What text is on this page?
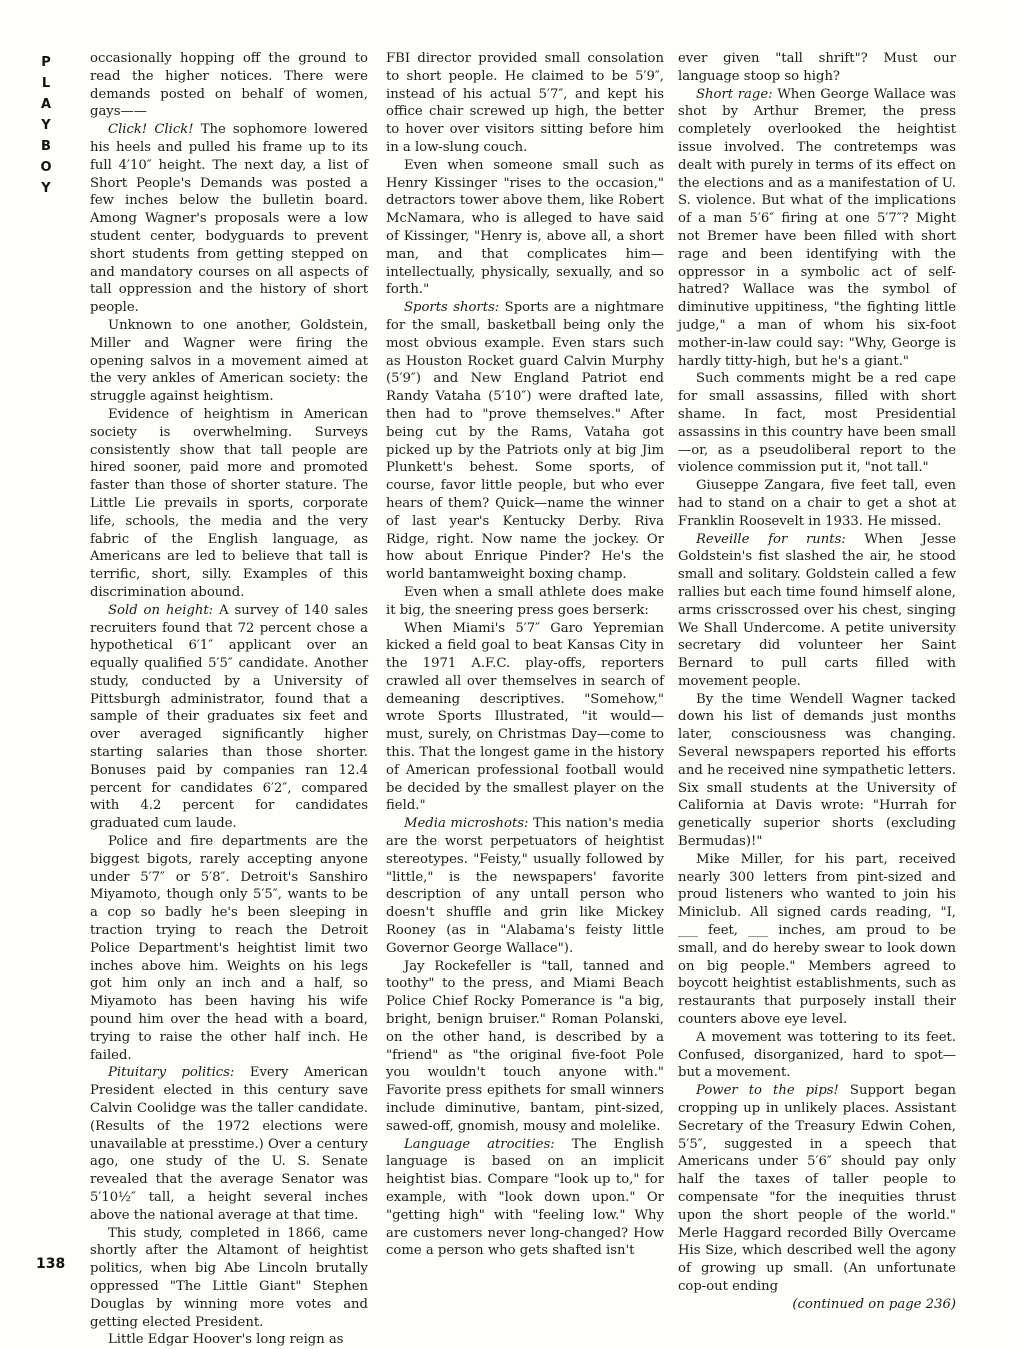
P
L
A
Y
B
O
Y
138

occasionally hopping off the ground to read the higher notices. There were demands posted on behalf of women, gays——

Click! Click! The sophomore lowered his heels and pulled his frame up to its full 4′10″ height. The next day, a list of Short People's Demands was posted a few inches below the bulletin board. Among Wagner's proposals were a low student center, bodyguards to prevent short students from getting stepped on and mandatory courses on all aspects of tall oppression and the history of short people.

Unknown to one another, Goldstein, Miller and Wagner were firing the opening salvos in a movement aimed at the very ankles of American society: the struggle against heightism.

Evidence of heightism in American society is overwhelming. Surveys consistently show that tall people are hired sooner, paid more and promoted faster than those of shorter stature. The Little Lie prevails in sports, corporate life, schools, the media and the very fabric of the English language, as Americans are led to believe that tall is terrific, short, silly. Examples of this discrimination abound.

Sold on height: A survey of 140 sales recruiters found that 72 percent chose a hypothetical 6′1″ applicant over an equally qualified 5′5″ candidate. Another study, conducted by a University of Pittsburgh administrator, found that a sample of their graduates six feet and over averaged significantly higher starting salaries than those shorter. Bonuses paid by companies ran 12.4 percent for candidates 6′2″, compared with 4.2 percent for candidates graduated cum laude.

Police and fire departments are the biggest bigots, rarely accepting anyone under 5′7″ or 5′8″. Detroit's Sanshiro Miyamoto, though only 5′5″, wants to be a cop so badly he's been sleeping in traction trying to reach the Detroit Police Department's heightist limit two inches above him. Weights on his legs got him only an inch and a half, so Miyamoto has been having his wife pound him over the head with a board, trying to raise the other half inch. He failed.

Pituitary politics: Every American President elected in this century save Calvin Coolidge was the taller candidate. (Results of the 1972 elections were unavailable at presstime.) Over a century ago, one study of the U. S. Senate revealed that the average Senator was 5′10½″ tall, a height several inches above the national average at that time.

This study, completed in 1866, came shortly after the Altamont of heightist politics, when big Abe Lincoln brutally oppressed "The Little Giant" Stephen Douglas by winning more votes and getting elected President.

Little Edgar Hoover's long reign as

FBI director provided small consolation to short people. He claimed to be 5′9″, instead of his actual 5′7″, and kept his office chair screwed up high, the better to hover over visitors sitting before him in a low-slung couch.

Even when someone small such as Henry Kissinger "rises to the occasion," detractors tower above them, like Robert McNamara, who is alleged to have said of Kissinger, "Henry is, above all, a short man, and that complicates him—intellectually, physically, sexually, and so forth."

Sports shorts: Sports are a nightmare for the small, basketball being only the most obvious example. Even stars such as Houston Rocket guard Calvin Murphy (5′9″) and New England Patriot end Randy Vataha (5′10″) were drafted late, then had to "prove themselves." After being cut by the Rams, Vataha got picked up by the Patriots only at big Jim Plunkett's behest. Some sports, of course, favor little people, but who ever hears of them? Quick—name the winner of last year's Kentucky Derby. Riva Ridge, right. Now name the jockey. Or how about Enrique Pinder? He's the world bantamweight boxing champ.

Even when a small athlete does make it big, the sneering press goes berserk:

When Miami's 5′7″ Garo Yepremian kicked a field goal to beat Kansas City in the 1971 A.F.C. play-offs, reporters crawled all over themselves in search of demeaning descriptives. "Somehow," wrote Sports Illustrated, "it would—must, surely, on Christmas Day—come to this. That the longest game in the history of American professional football would be decided by the smallest player on the field."

Media microshots: This nation's media are the worst perpetuators of heightist stereotypes. "Feisty," usually followed by "little," is the newspapers' favorite description of any untall person who doesn't shuffle and grin like Mickey Rooney (as in "Alabama's feisty little Governor George Wallace").

Jay Rockefeller is "tall, tanned and toothy" to the press, and Miami Beach Police Chief Rocky Pomerance is "a big, bright, benign bruiser." Roman Polanski, on the other hand, is described by a "friend" as "the original five-foot Pole you wouldn't touch anyone with." Favorite press epithets for small winners include diminutive, bantam, pint-sized, sawed-off, gnomish, mousy and molelike.

Language atrocities: The English language is based on an implicit heightist bias. Compare "look up to," for example, with "look down upon." Or "getting high" with "feeling low." Why are customers never long-changed? How come a person who gets shafted isn't

ever given "tall shrift"? Must our language stoop so high?

Short rage: When George Wallace was shot by Arthur Bremer, the press completely overlooked the heightist issue involved. The contretemps was dealt with purely in terms of its effect on the elections and as a manifestation of U. S. violence. But what of the implications of a man 5′6″ firing at one 5′7″? Might not Bremer have been filled with short rage and been identifying with the oppressor in a symbolic act of self-hatred? Wallace was the symbol of diminutive uppitiness, "the fighting little judge," a man of whom his six-foot mother-in-law could say: "Why, George is hardly titty-high, but he's a giant."

Such comments might be a red cape for small assassins, filled with short shame. In fact, most Presidential assassins in this country have been small—or, as a pseudoliberal report to the violence commission put it, "not tall."

Giuseppe Zangara, five feet tall, even had to stand on a chair to get a shot at Franklin Roosevelt in 1933. He missed.

Reveille for runts: When Jesse Goldstein's fist slashed the air, he stood small and solitary. Goldstein called a few rallies but each time found himself alone, arms crisscrossed over his chest, singing We Shall Undercome. A petite university secretary did volunteer her Saint Bernard to pull carts filled with movement people.

By the time Wendell Wagner tacked down his list of demands just months later, consciousness was changing. Several newspapers reported his efforts and he received nine sympathetic letters. Six small students at the University of California at Davis wrote: "Hurrah for genetically superior shorts (excluding Bermudas)!"

Mike Miller, for his part, received nearly 300 letters from pint-sized and proud listeners who wanted to join his Miniclub. All signed cards reading, "I, ___ feet, ___ inches, am proud to be small, and do hereby swear to look down on big people." Members agreed to boycott heightist establishments, such as restaurants that purposely install their counters above eye level.

A movement was tottering to its feet. Confused, disorganized, hard to spot—but a movement.

Power to the pips! Support began cropping up in unlikely places. Assistant Secretary of the Treasury Edwin Cohen, 5′5″, suggested in a speech that Americans under 5′6″ should pay only half the taxes of taller people to compensate "for the inequities thrust upon the short people of the world." Merle Haggard recorded Billy Overcame His Size, which described well the agony of growing up small. (An unfortunate cop-out ending

(continued on page 236)
